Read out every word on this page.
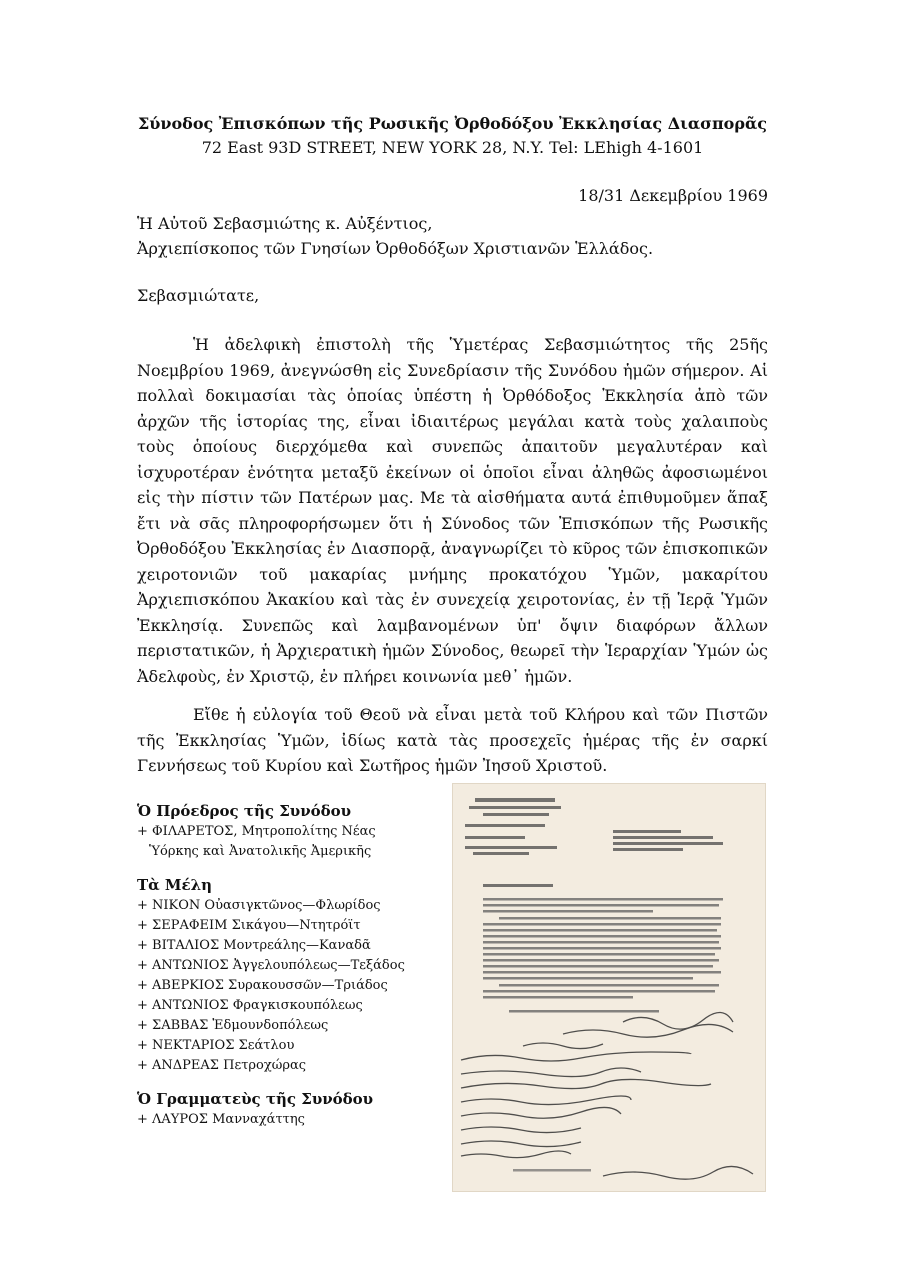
Σύνοδος Ἐπισκόπων τῆς Ρωσικῆς Ὀρθοδόξου Ἐκκλησίας Διασπορᾶς
72 East 93D STREET, NEW YORK 28, N.Y. Tel: LEhigh 4-1601
18/31 Δεκεμβρίου 1969
Ἡ Αὐτοῦ Σεβασμιώτης κ. Αὐξέντιος,
Ἀρχιεπίσκοπος τῶν Γνησίων Ὀρθοδόξων Χριστιανῶν Ἑλλάδος.
Σεβασμιώτατε,

Ἡ ἀδελφικὴ ἐπιστολὴ τῆς Ὑμετέρας Σεβασμιώτητος τῆς 25ῆς Νοεμβρίου 1969, ἀνεγνώσθη εἰς Συνεδρίασιν τῆς Συνόδου ἡμῶν σήμερον. Αἱ πολλαὶ δοκιμασίαι τὰς ὁποίας ὑπέστη ἡ Ὀρθόδοξος Ἐκκλησία ἀπὸ τῶν ἀρχῶν τῆς ἱστορίας της, εἶναι ἰδιαιτέρως μεγάλαι κατὰ τοὺς χαλαιποὺς τοὺς ὁποίους διερχόμεθα καὶ συνεπῶς ἀπαιτοῦν μεγαλυτέραν καὶ ἰσχυροτέραν ἑνότητα μεταξῦ ἐκείνων οἱ ὁποῖοι εἶναι ἀληθῶς ἀφοσιωμένοι εἰς τὴν πίστιν τῶν Πατέρων μας. Με τὰ αἰσθήματα αυτά ἐπιθυμοῦμεν ἅπαξ ἔτι νὰ σᾶς πληροφορήσωμεν ὅτι ἡ Σύνοδος τῶν Ἐπισκόπων τῆς Ρωσικῆς Ὀρθοδόξου Ἐκκλησίας ἐν Διασπορᾷ, ἀναγνωρίζει τὸ κῦρος τῶν ἐπισκοπικῶν χειροτονιῶν τοῦ μακαρίας μνήμης προκατόχου Ὑμῶν, μακαρίτου Ἀρχιεπισκόπου Ἀκακίου καὶ τὰς ἐν συνεχείᾳ χειροτονίας, ἐν τῇ Ἱερᾷ Ὑμῶν Ἐκκλησίᾳ. Συνεπῶς καὶ λαμβανομένων ὑπ' ὄψιν διαφόρων ἄλλων περιστατικῶν, ἡ Ἀρχιερατικὴ ἡμῶν Σύνοδος, θεωρεῖ τὴν Ἱεραρχίαν Ὑμών ὡς Ἀδελφοὺς, ἐν Χριστῷ, ἐν πλήρει κοινωνία μεθ᾽ ἡμῶν.

Εἴθε ἡ εὐλογία τοῦ Θεοῦ νὰ εἶναι μετὰ τοῦ Κλήρου καὶ τῶν Πιστῶν τῆς Ἐκκλησίας Ὑμῶν, ἰδίως κατὰ τὰς προσεχεῖς ἡμέρας τῆς ἐν σαρκί Γεννήσεως τοῦ Κυρίου καὶ Σωτῆρος ἡμῶν Ἰησοῦ Χριστοῦ.

Ὁ Πρόεδρος τῆς Συνόδου
+ ΦΙΛΑΡΕΤΟΣ, Μητροπολίτης Νέας
Ὑόρκης καὶ Ἀνατολικῆς Ἀμερικῆς
Τὰ Μέλη
+ ΝΙΚΟΝ Οὐασιγκτῶνος—Φλωρίδος
+ ΣΕΡΑΦΕΙΜ Σικάγου—Ντητρόϊτ
+ ΒΙΤΑΛΙΟΣ Μοντρεάλης—Καναδᾶ
+ ΑΝΤΩΝΙΟΣ Ἀγγελουπόλεως—Τεξάδος
+ ΑΒΕΡΚΙΟΣ Συρακουσσῶν—Τριάδος
+ ΑΝΤΩΝΙΟΣ Φραγκισκουπόλεως
+ ΣΑΒΒΑΣ Ἐδμουνδοπόλεως
+ ΝΕΚΤΑΡΙΟΣ Σεάτλου
+ ΑΝΔΡΕΑΣ Πετροχώρας
Ὁ Γραμματεὺς τῆς Συνόδου
+ ΛΑΥΡΟΣ Μανναχάττης
